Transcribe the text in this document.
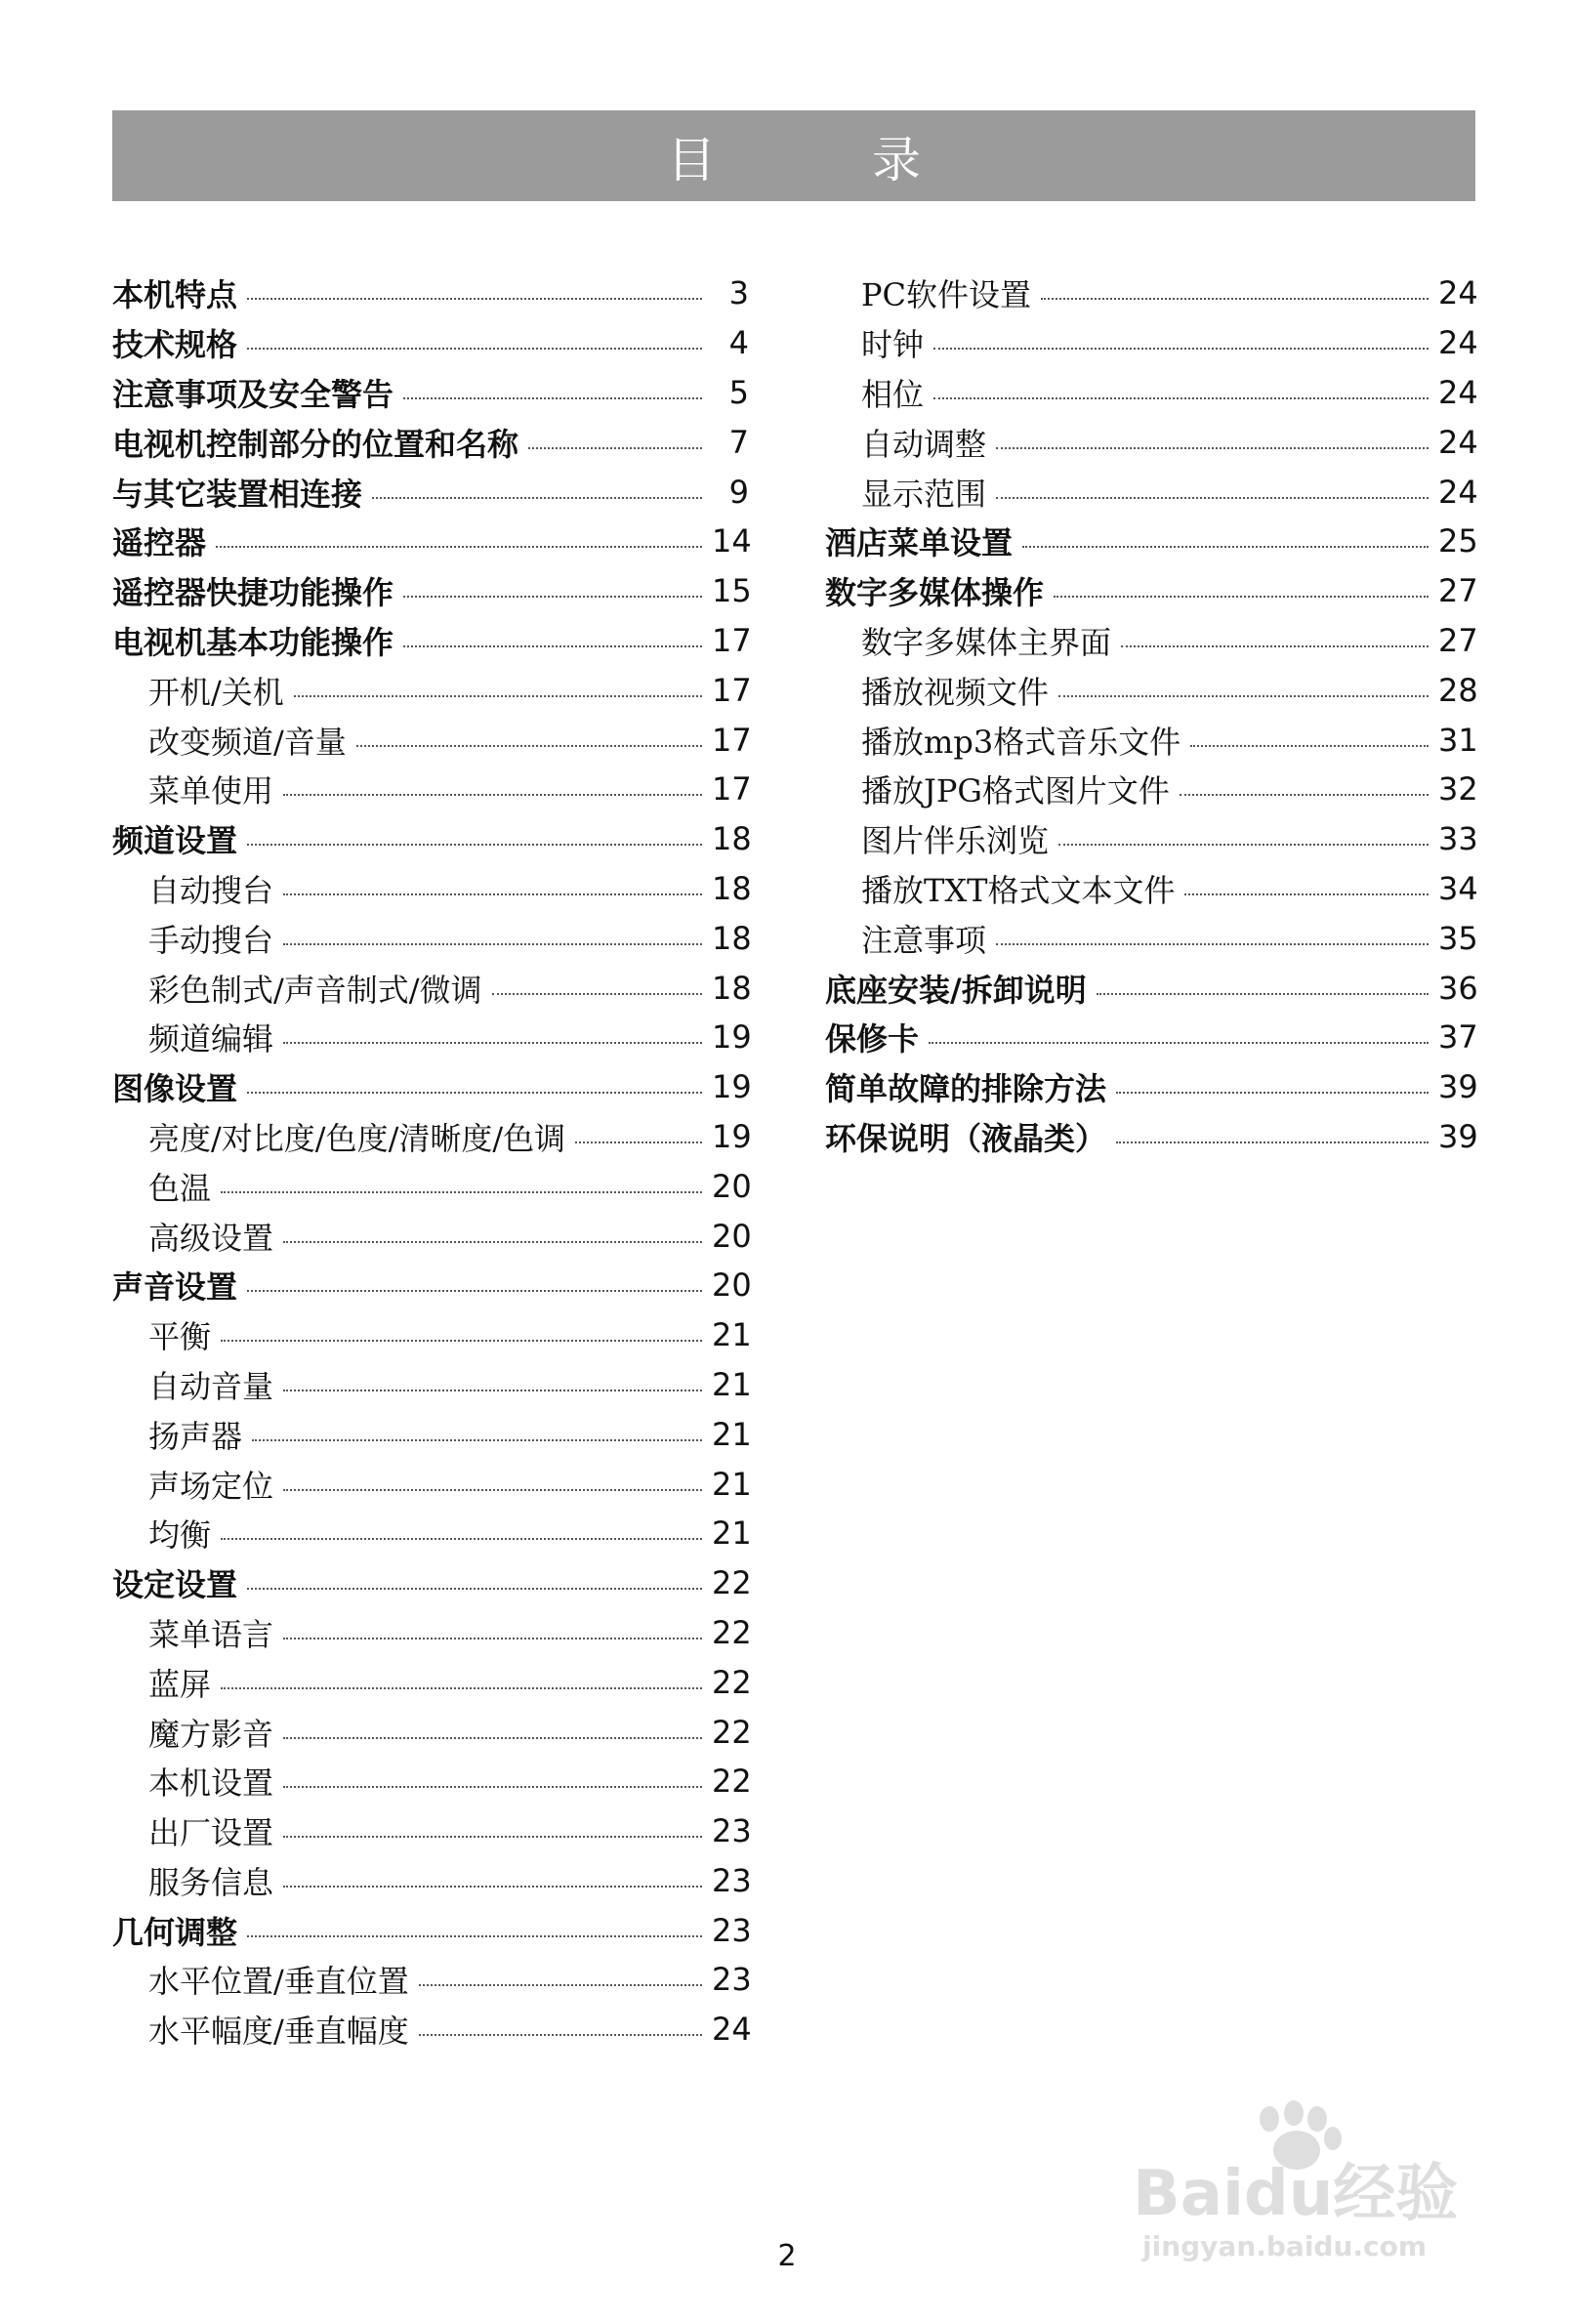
目 录
本机特点	3
技术规格	4
注意事项及安全警告	5
电视机控制部分的位置和名称	7
与其它装置相连接	9
遥控器	14
遥控器快捷功能操作	15
电视机基本功能操作	17
开机/关机	17
改变频道/音量	17
菜单使用	17
频道设置	18
自动搜台	18
手动搜台	18
彩色制式/声音制式/微调	18
频道编辑	19
图像设置	19
亮度/对比度/色度/清晰度/色调	19
色温	20
高级设置	20
声音设置	20
平衡	21
自动音量	21
扬声器	21
声场定位	21
均衡	21
设定设置	22
菜单语言	22
蓝屏	22
魔方影音	22
本机设置	22
出厂设置	23
服务信息	23
几何调整	23
水平位置/垂直位置	23
水平幅度/垂直幅度	24
PC软件设置	24
时钟	24
相位	24
自动调整	24
显示范围	24
酒店菜单设置	25
数字多媒体操作	27
数字多媒体主界面	27
播放视频文件	28
播放mp3格式音乐文件	31
播放JPG格式图片文件	32
图片伴乐浏览	33
播放TXT格式文本文件	34
注意事项	35
底座安装/拆卸说明	36
保修卡	37
简单故障的排除方法	39
环保说明（液晶类）	39
2
Baidu经验
jingyan.baidu.com
